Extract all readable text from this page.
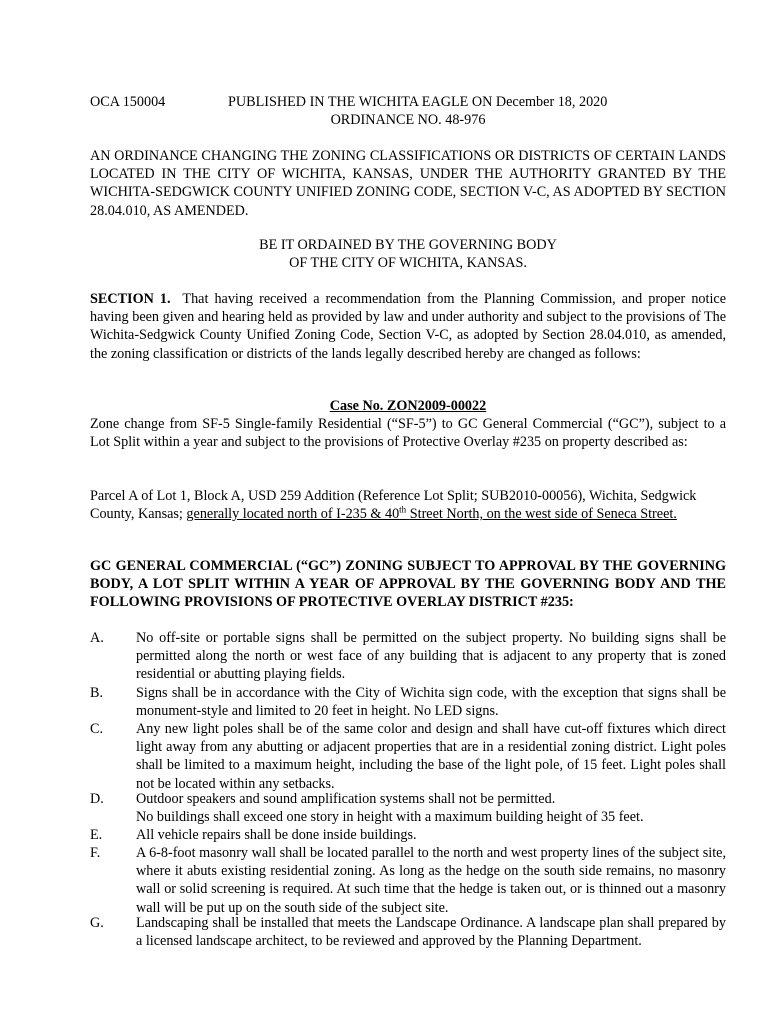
OCA 150004	PUBLISHED IN THE WICHITA EAGLE ON December 18, 2020
ORDINANCE NO. 48-976
AN ORDINANCE CHANGING THE ZONING CLASSIFICATIONS OR DISTRICTS OF CERTAIN LANDS LOCATED IN THE CITY OF WICHITA, KANSAS, UNDER THE AUTHORITY GRANTED BY THE WICHITA-SEDGWICK COUNTY UNIFIED ZONING CODE, SECTION V-C, AS ADOPTED BY SECTION 28.04.010, AS AMENDED.
BE IT ORDAINED BY THE GOVERNING BODY
OF THE CITY OF WICHITA, KANSAS.
SECTION 1. That having received a recommendation from the Planning Commission, and proper notice having been given and hearing held as provided by law and under authority and subject to the provisions of The Wichita-Sedgwick County Unified Zoning Code, Section V-C, as adopted by Section 28.04.010, as amended, the zoning classification or districts of the lands legally described hereby are changed as follows:
Case No. ZON2009-00022
Zone change from SF-5 Single-family Residential (“SF-5”) to GC General Commercial (“GC”), subject to a Lot Split within a year and subject to the provisions of Protective Overlay #235 on property described as:
Parcel A of Lot 1, Block A, USD 259 Addition (Reference Lot Split; SUB2010-00056), Wichita, Sedgwick County, Kansas; generally located north of I-235 & 40th Street North, on the west side of Seneca Street.
GC GENERAL COMMERCIAL (“GC”) ZONING SUBJECT TO APPROVAL BY THE GOVERNING BODY, A LOT SPLIT WITHIN A YEAR OF APPROVAL BY THE GOVERNING BODY AND THE FOLLOWING PROVISIONS OF PROTECTIVE OVERLAY DISTRICT #235:
A.	No off-site or portable signs shall be permitted on the subject property. No building signs shall be permitted along the north or west face of any building that is adjacent to any property that is zoned residential or abutting playing fields.
B.	Signs shall be in accordance with the City of Wichita sign code, with the exception that signs shall be monument-style and limited to 20 feet in height. No LED signs.
C.	Any new light poles shall be of the same color and design and shall have cut-off fixtures which direct light away from any abutting or adjacent properties that are in a residential zoning district. Light poles shall be limited to a maximum height, including the base of the light pole, of 15 feet. Light poles shall not be located within any setbacks.
D.	Outdoor speakers and sound amplification systems shall not be permitted.
No buildings shall exceed one story in height with a maximum building height of 35 feet.
E.	All vehicle repairs shall be done inside buildings.
F.	A 6-8-foot masonry wall shall be located parallel to the north and west property lines of the subject site, where it abuts existing residential zoning. As long as the hedge on the south side remains, no masonry wall or solid screening is required. At such time that the hedge is taken out, or is thinned out a masonry wall will be put up on the south side of the subject site.
G.	Landscaping shall be installed that meets the Landscape Ordinance. A landscape plan shall prepared by a licensed landscape architect, to be reviewed and approved by the Planning Department.
